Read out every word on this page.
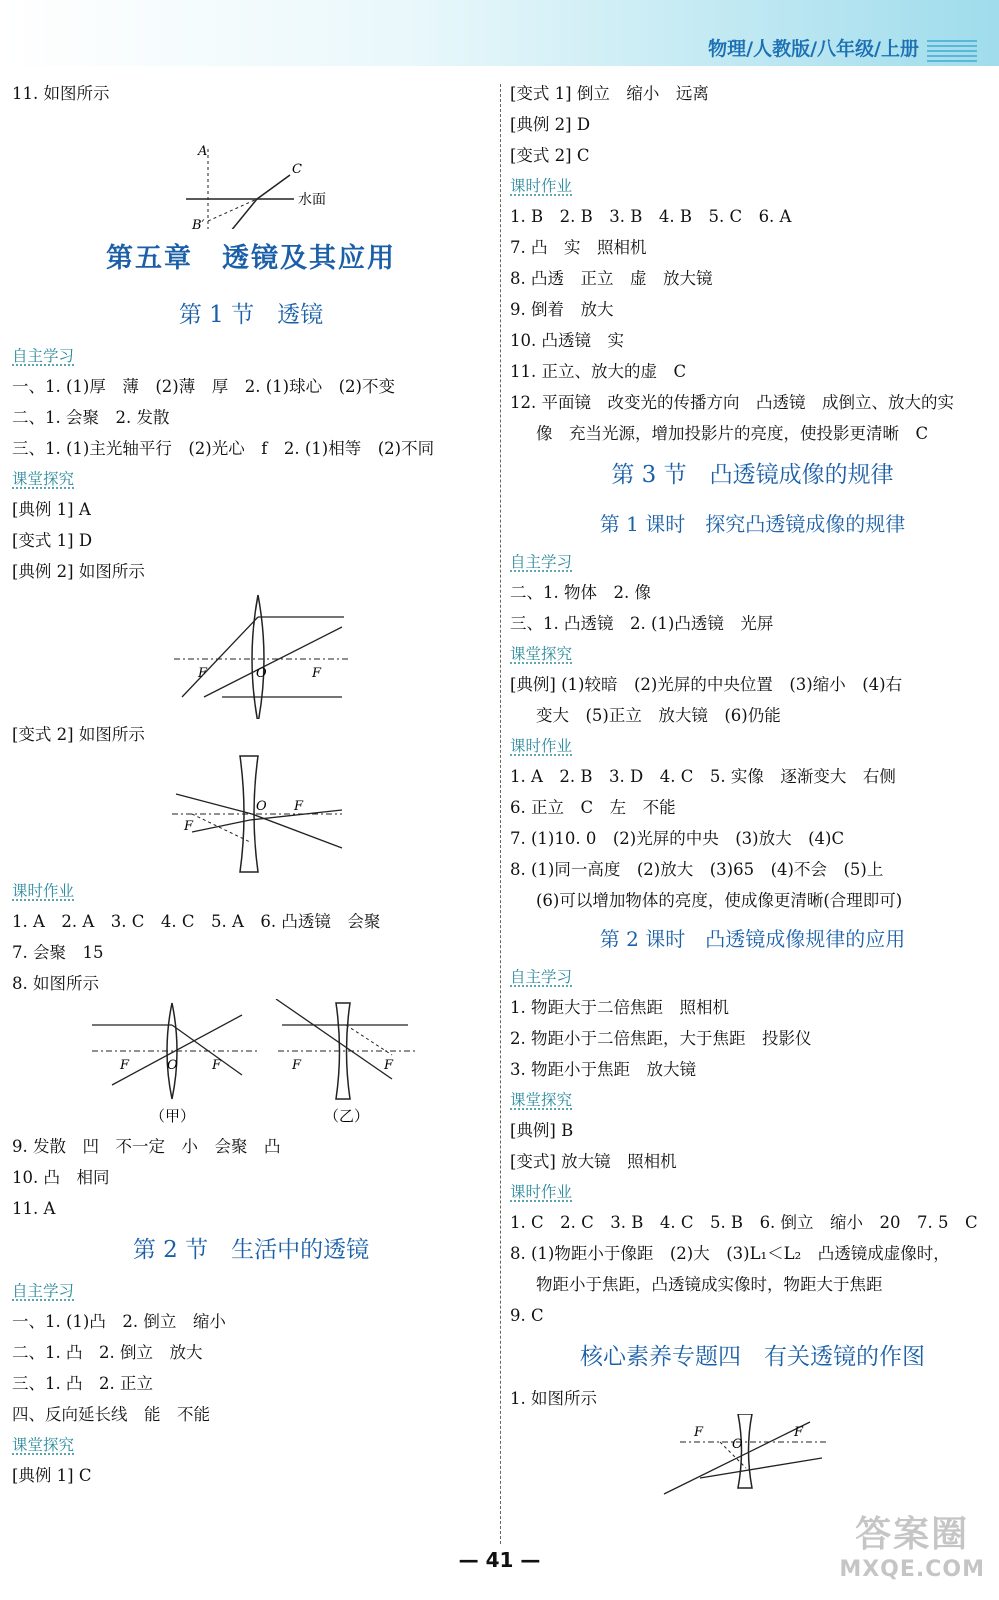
物理/人教版/八年级/上册
11. 如图所示
A
C
B′
水面
第五章　透镜及其应用
第 1 节　透镜
自主学习
一、1. (1)厚　薄　(2)薄　厚　2. (1)球心　(2)不变
二、1. 会聚　2. 发散
三、1. (1)主光轴平行　(2)光心　f　2. (1)相等　(2)不同
课堂探究
[典例 1] A
[变式 1] D
[典例 2] 如图所示
F	O	F
[变式 2] 如图所示
O F
F
课时作业
1. A　2. A　3. C　4. C　5. A　6. 凸透镜　会聚
7. 会聚　15
8. 如图所示
F	O	F
（甲）
F	F
（乙）
9. 发散　凹　不一定　小　会聚　凸
10. 凸　相同
11. A
第 2 节　生活中的透镜
自主学习
一、1. (1)凸　2. 倒立　缩小
二、1. 凸　2. 倒立　放大
三、1. 凸　2. 正立
四、反向延长线　能　不能
课堂探究
[典例 1] C
[变式 1] 倒立　缩小　远离
[典例 2] D
[变式 2] C
课时作业
1. B　2. B　3. B　4. B　5. C　6. A
7. 凸　实　照相机
8. 凸透　正立　虚　放大镜
9. 倒着　放大
10. 凸透镜　实
11. 正立、放大的虚　C
12. 平面镜　改变光的传播方向　凸透镜　成倒立、放大的实
像　充当光源，增加投影片的亮度，使投影更清晰　C
第 3 节　凸透镜成像的规律
第 1 课时　探究凸透镜成像的规律
自主学习
二、1. 物体　2. 像
三、1. 凸透镜　2. (1)凸透镜　光屏
课堂探究
[典例] (1)较暗　(2)光屏的中央位置　(3)缩小　(4)右
变大　(5)正立　放大镜　(6)仍能
课时作业
1. A　2. B　3. D　4. C　5. 实像　逐渐变大　右侧
6. 正立　C　左　不能
7. (1)10. 0　(2)光屏的中央　(3)放大　(4)C
8. (1)同一高度　(2)放大　(3)65　(4)不会　(5)上
(6)可以增加物体的亮度，使成像更清晰(合理即可)
第 2 课时　凸透镜成像规律的应用
自主学习
1. 物距大于二倍焦距　照相机
2. 物距小于二倍焦距，大于焦距　投影仪
3. 物距小于焦距　放大镜
课堂探究
[典例] B
[变式] 放大镜　照相机
课时作业
1. C　2. C　3. B　4. C　5. B　6. 倒立　缩小　20　7. 5　C
8. (1)物距小于像距　(2)大　(3)L₁＜L₂　凸透镜成虚像时，
物距小于焦距，凸透镜成实像时，物距大于焦距
9. C
核心素养专题四　有关透镜的作图
1. 如图所示
F
O
F
— 41 —
答案圈
MXQE.COM
